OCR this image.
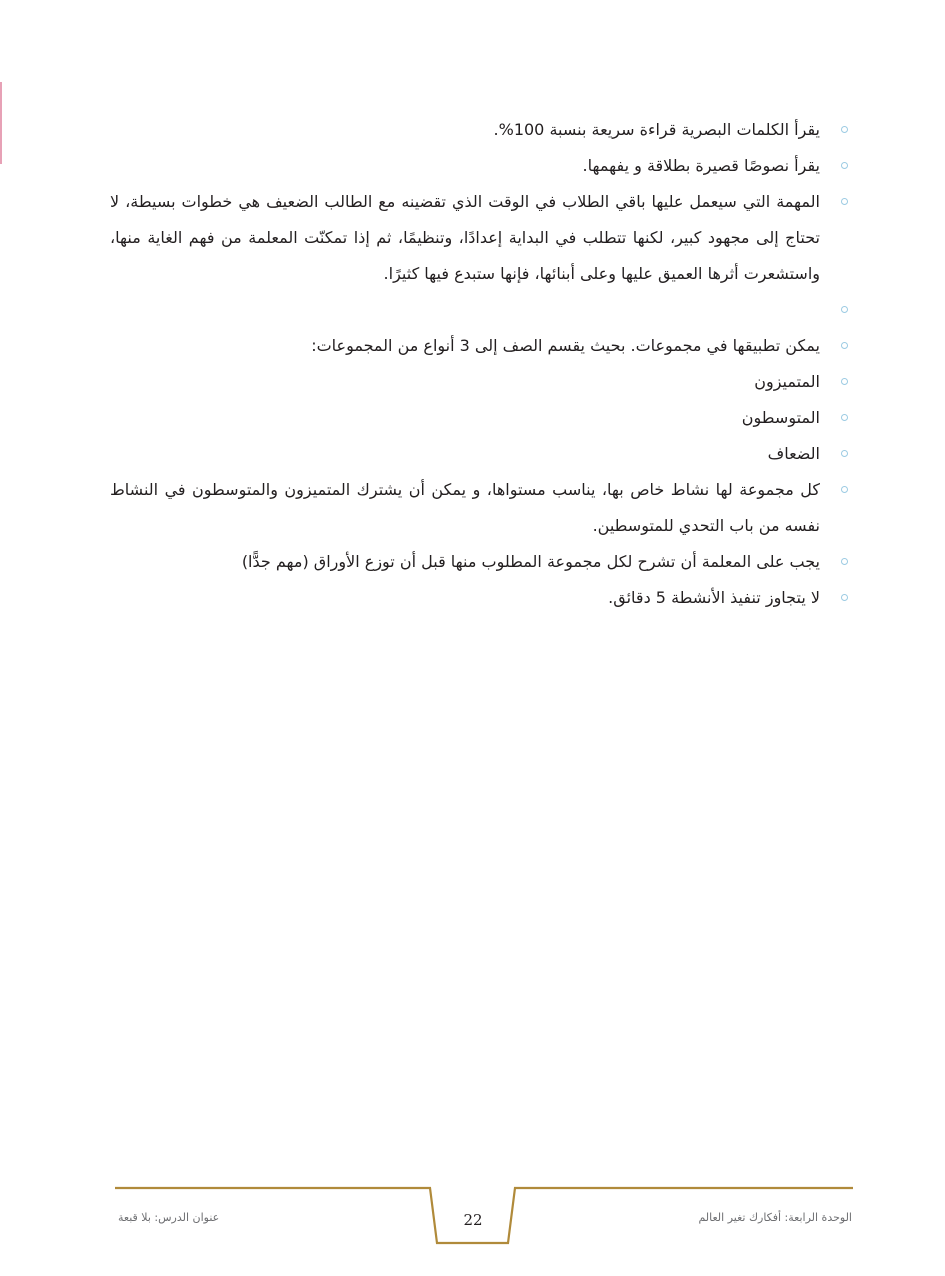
يقرأ الكلمات البصرية قراءة سريعة بنسبة 100%.
يقرأ نصوصًا قصيرة بطلاقة و يفهمها.
المهمة التي سيعمل عليها باقي الطلاب في الوقت الذي تقضينه مع الطالب الضعيف هي خطوات بسيطة، لا تحتاج إلى مجهود كبير، لكنها تتطلب في البداية إعدادًا، وتنظيمًا، ثم إذا تمكنّت المعلمة من فهم الغاية منها، واستشعرت أثرها العميق عليها وعلى أبنائها، فإنها ستبدع فيها كثيرًا.
يمكن تطبيقها في مجموعات. بحيث يقسم الصف إلى 3 أنواع من المجموعات:
المتميزون
المتوسطون
الضعاف
كل مجموعة لها نشاط خاص بها، يناسب مستواها، و يمكن أن يشترك المتميزون والمتوسطون في النشاط نفسه من باب التحدي للمتوسطين.
يجب على المعلمة أن تشرح لكل مجموعة المطلوب منها قبل أن توزع الأوراق (مهم جدًّا)
لا يتجاوز تنفيذ الأنشطة 5 دقائق.
الوحدة الرابعة: أفكارك تغير العالم
عنوان الدرس: بلا قبعة	22
